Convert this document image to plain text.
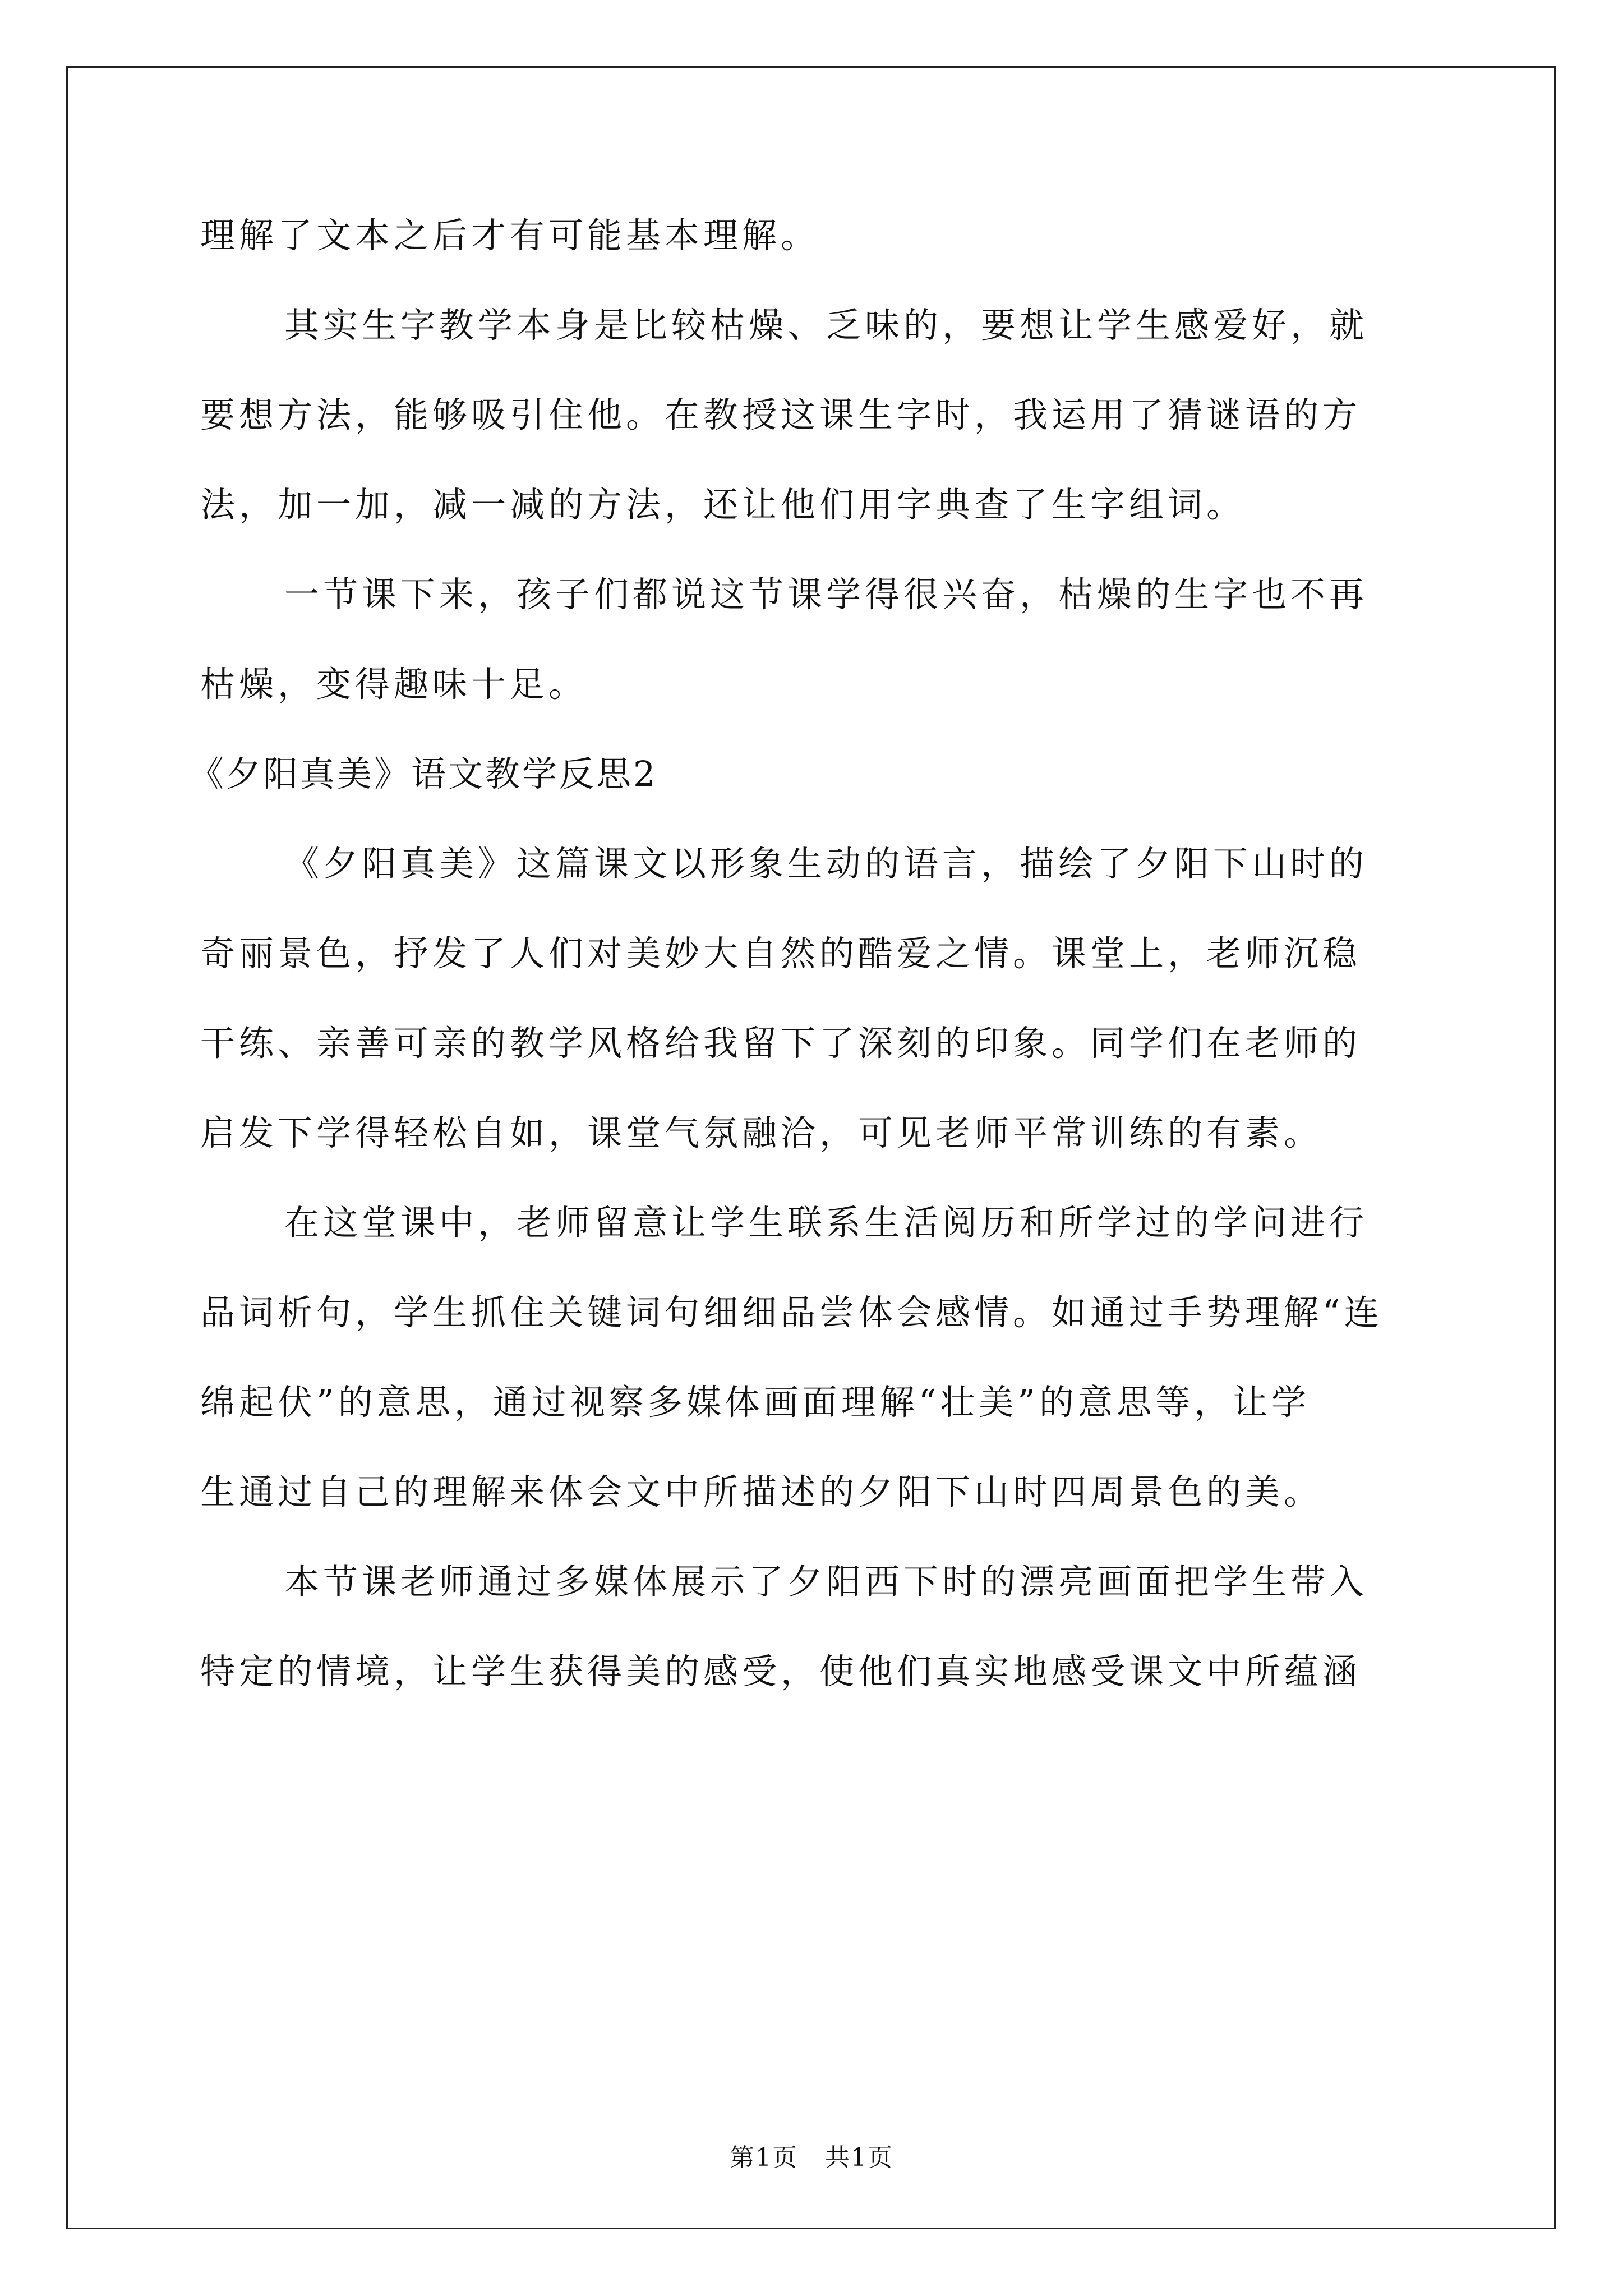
理解了文本之后才有可能基本理解。
其实生字教学本身是比较枯燥、乏味的，要想让学生感爱好，就
要想方法，能够吸引住他。在教授这课生字时，我运用了猜谜语的方
法，加一加，减一减的方法，还让他们用字典查了生字组词。
一节课下来，孩子们都说这节课学得很兴奋，枯燥的生字也不再
枯燥，变得趣味十足。
《夕阳真美》语文教学反思2
《夕阳真美》这篇课文以形象生动的语言，描绘了夕阳下山时的
奇丽景色，抒发了人们对美妙大自然的酷爱之情。课堂上，老师沉稳
干练、亲善可亲的教学风格给我留下了深刻的印象。同学们在老师的
启发下学得轻松自如，课堂气氛融洽，可见老师平常训练的有素。
在这堂课中，老师留意让学生联系生活阅历和所学过的学问进行
品词析句，学生抓住关键词句细细品尝体会感情。如通过手势理解“连
绵起伏”的意思，通过视察多媒体画面理解“壮美”的意思等，让学
生通过自己的理解来体会文中所描述的夕阳下山时四周景色的美。
本节课老师通过多媒体展示了夕阳西下时的漂亮画面把学生带入
特定的情境，让学生获得美的感受，使他们真实地感受课文中所蕴涵
第1页 共1页
